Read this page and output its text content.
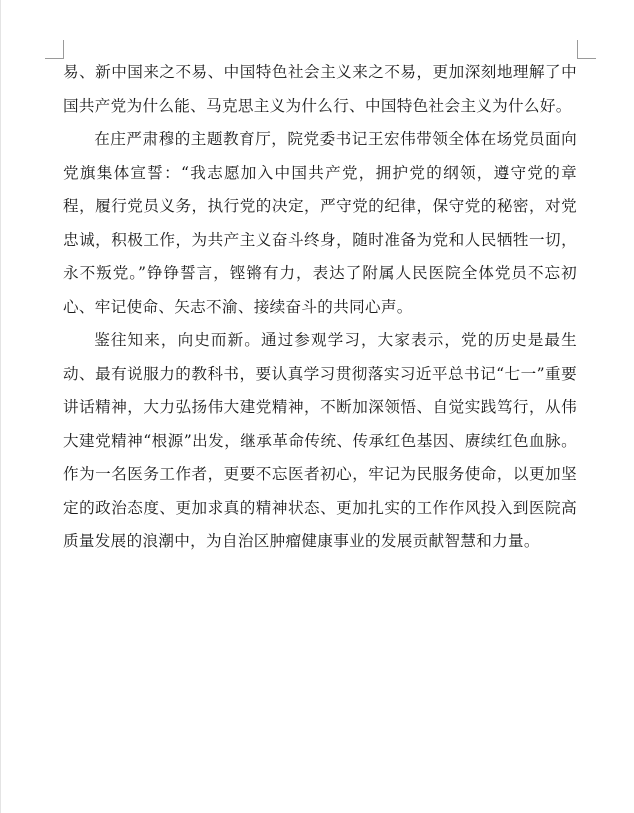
易、新中国来之不易、中国特色社会主义来之不易，更加深刻地理解了中国共产党为什么能、马克思主义为什么行、中国特色社会主义为什么好。

在庄严肃穆的主题教育厅，院党委书记王宏伟带领全体在场党员面向党旗集体宣誓：“我志愿加入中国共产党，拥护党的纲领，遵守党的章程，履行党员义务，执行党的决定，严守党的纪律，保守党的秘密，对党忠诚，积极工作，为共产主义奋斗终身，随时准备为党和人民牺牲一切，永不叛党。”铮铮誓言，铿锵有力，表达了附属人民医院全体党员不忘初心、牢记使命、矢志不渝、接续奋斗的共同心声。

鉴往知来，向史而新。通过参观学习，大家表示，党的历史是最生动、最有说服力的教科书，要认真学习贯彻落实习近平总书记“七一”重要讲话精神，大力弘扬伟大建党精神，不断加深领悟、自觉实践笃行，从伟大建党精神“根源”出发，继承革命传统、传承红色基因、赓续红色血脉。作为一名医务工作者，更要不忘医者初心，牢记为民服务使命，以更加坚定的政治态度、更加求真的精神状态、更加扎实的工作作风投入到医院高质量发展的浪潮中，为自治区肿瘤健康事业的发展贡献智慧和力量。
